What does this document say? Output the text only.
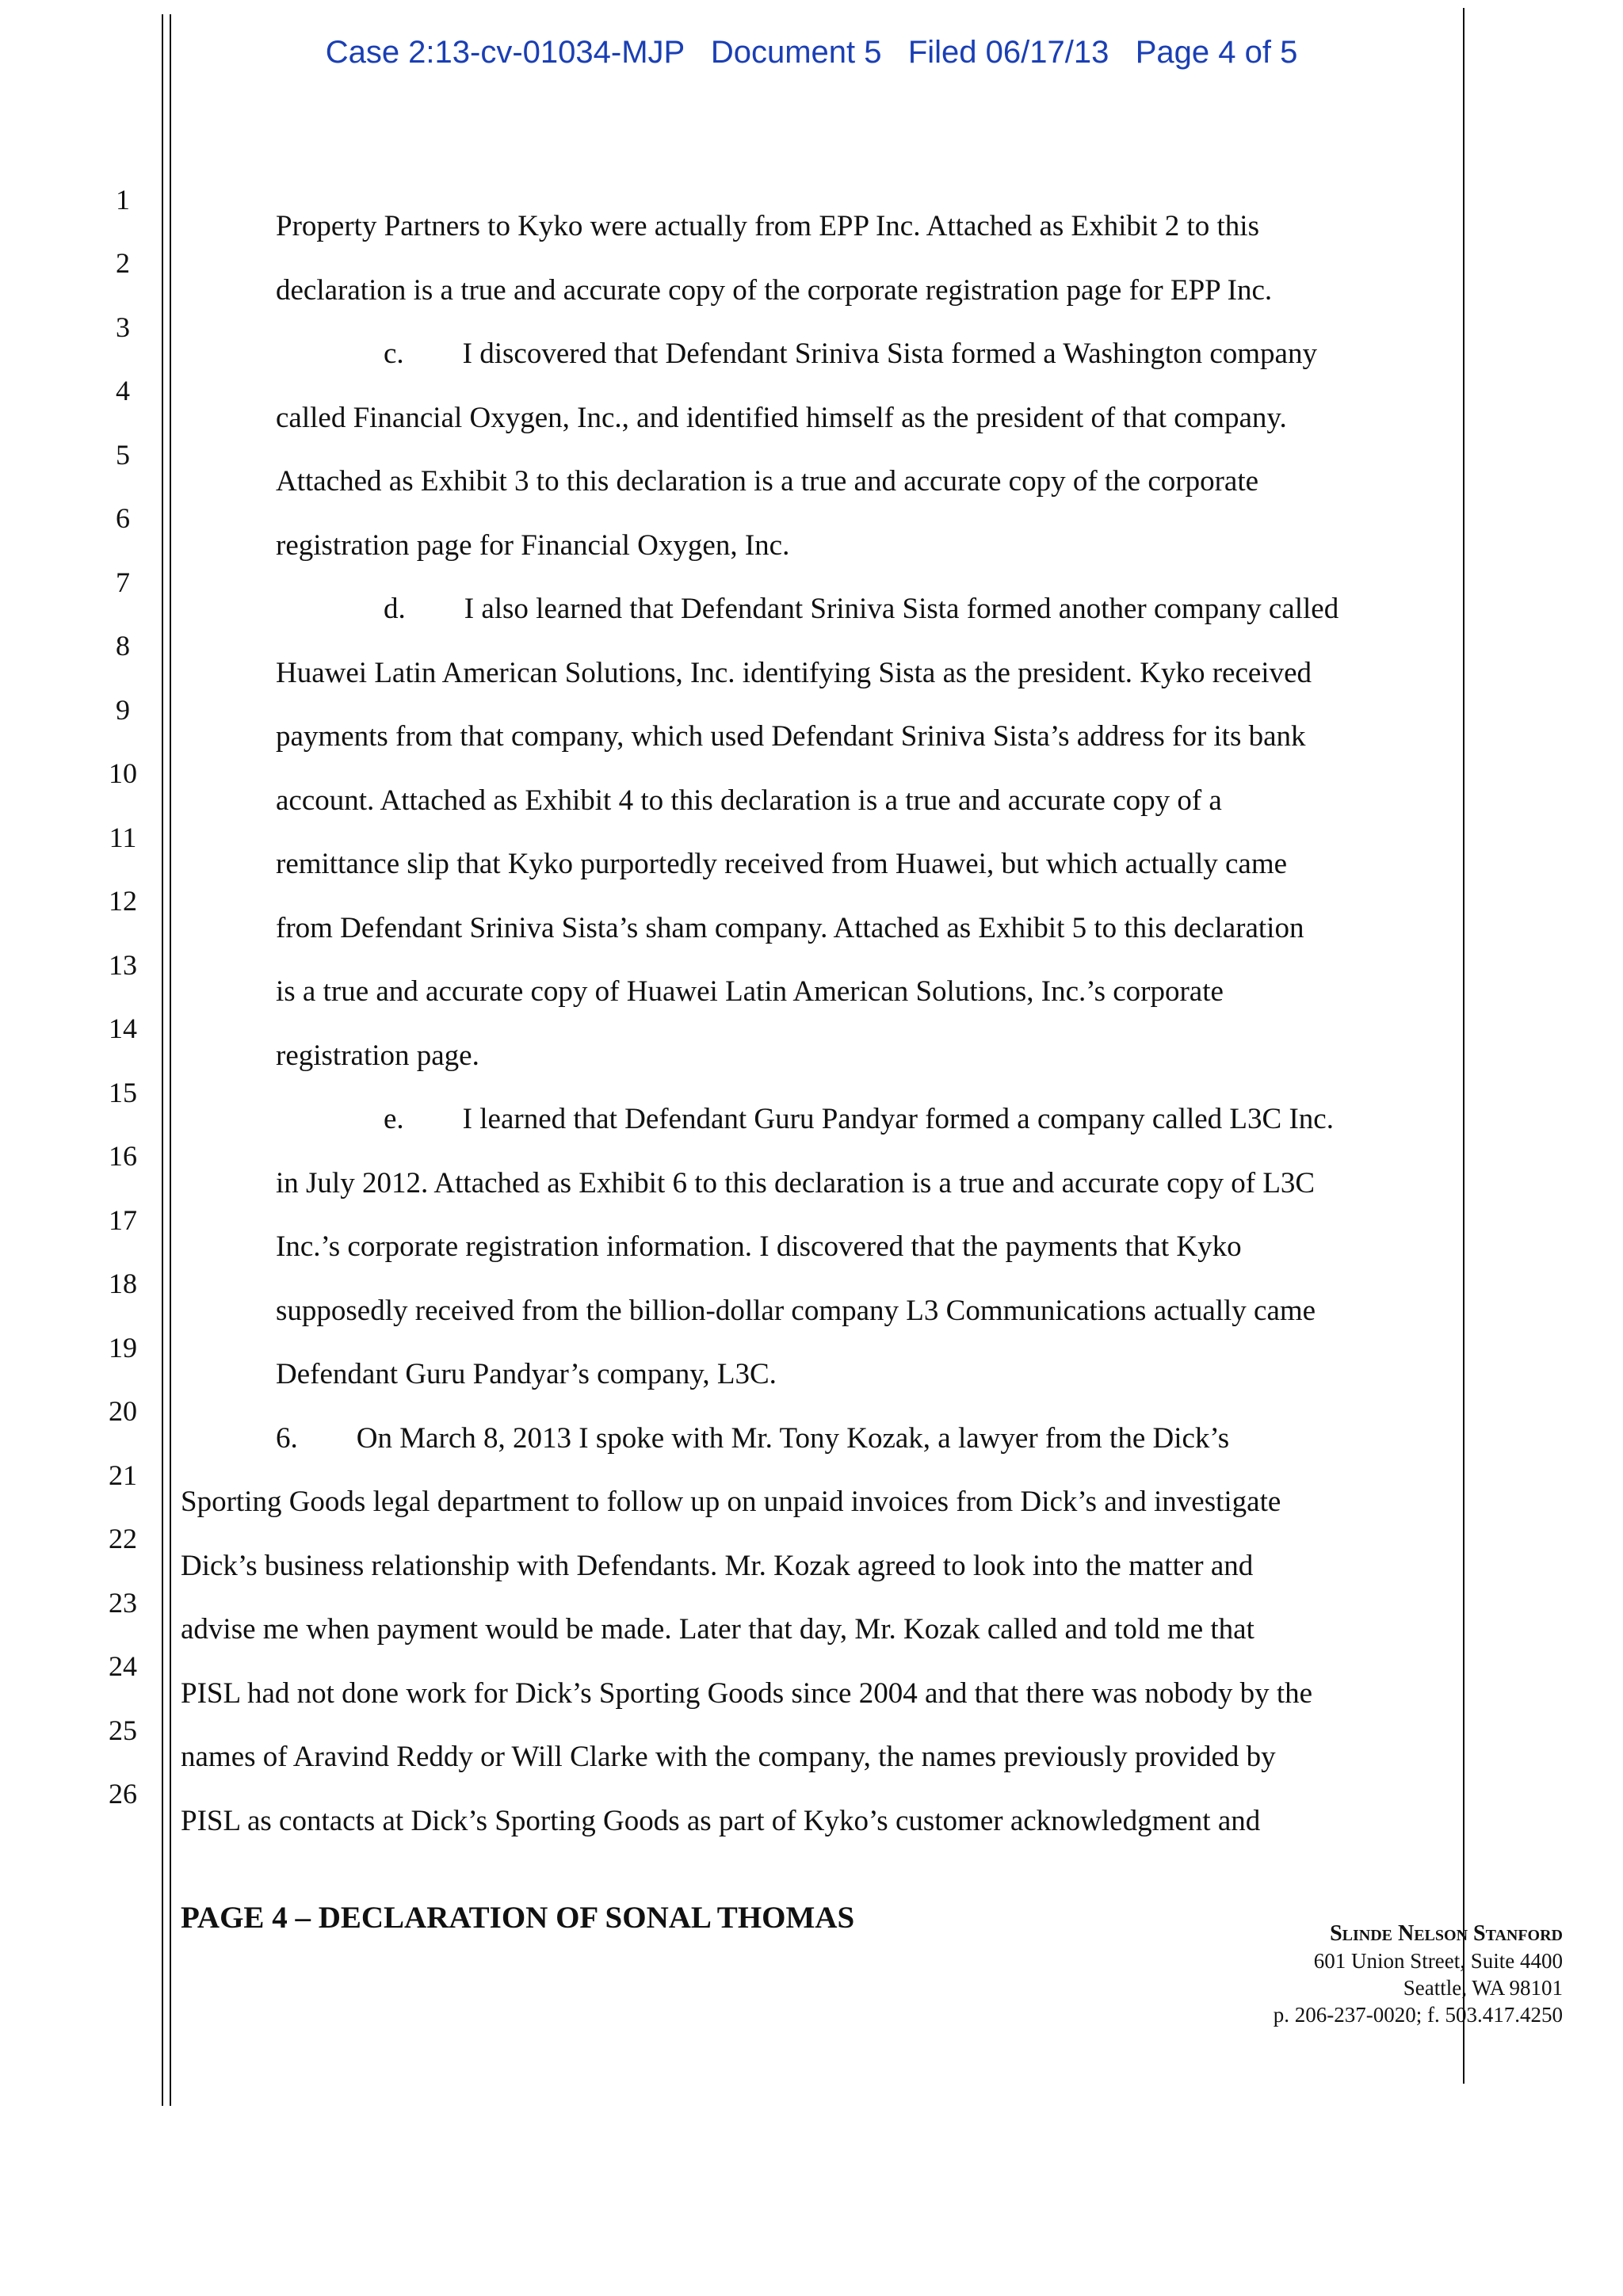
Case 2:13-cv-01034-MJP   Document 5   Filed 06/17/13   Page 4 of 5
1
2
3
4
5
6
7
8
9
10
11
12
13
14
15
16
17
18
19
20
21
22
23
24
25
26
Property Partners to Kyko were actually from EPP Inc. Attached as Exhibit 2 to this
declaration is a true and accurate copy of the corporate registration page for EPP Inc.
c.        I discovered that Defendant Sriniva Sista formed a Washington company
called Financial Oxygen, Inc., and identified himself as the president of that company.
Attached as Exhibit 3 to this declaration is a true and accurate copy of the corporate
registration page for Financial Oxygen, Inc.
d.        I also learned that Defendant Sriniva Sista formed another company called
Huawei Latin American Solutions, Inc. identifying Sista as the president. Kyko received
payments from that company, which used Defendant Sriniva Sista’s address for its bank
account. Attached as Exhibit 4 to this declaration is a true and accurate copy of a
remittance slip that Kyko purportedly received from Huawei, but which actually came
from Defendant Sriniva Sista’s sham company. Attached as Exhibit 5 to this declaration
is a true and accurate copy of Huawei Latin American Solutions, Inc.’s corporate
registration page.
e.        I learned that Defendant Guru Pandyar formed a company called L3C Inc.
in July 2012. Attached as Exhibit 6 to this declaration is a true and accurate copy of L3C
Inc.’s corporate registration information. I discovered that the payments that Kyko
supposedly received from the billion-dollar company L3 Communications actually came
Defendant Guru Pandyar’s company, L3C.
6.        On March 8, 2013 I spoke with Mr. Tony Kozak, a lawyer from the Dick’s
Sporting Goods legal department to follow up on unpaid invoices from Dick’s and investigate
Dick’s business relationship with Defendants. Mr. Kozak agreed to look into the matter and
advise me when payment would be made. Later that day, Mr. Kozak called and told me that
PISL had not done work for Dick’s Sporting Goods since 2004 and that there was nobody by the
names of Aravind Reddy or Will Clarke with the company, the names previously provided by
PISL as contacts at Dick’s Sporting Goods as part of Kyko’s customer acknowledgment and
PAGE 4 – DECLARATION OF SONAL THOMAS	Slinde Nelson Stanford
601 Union Street, Suite 4400
Seattle, WA 98101
p. 206-237-0020; f. 503.417.4250
